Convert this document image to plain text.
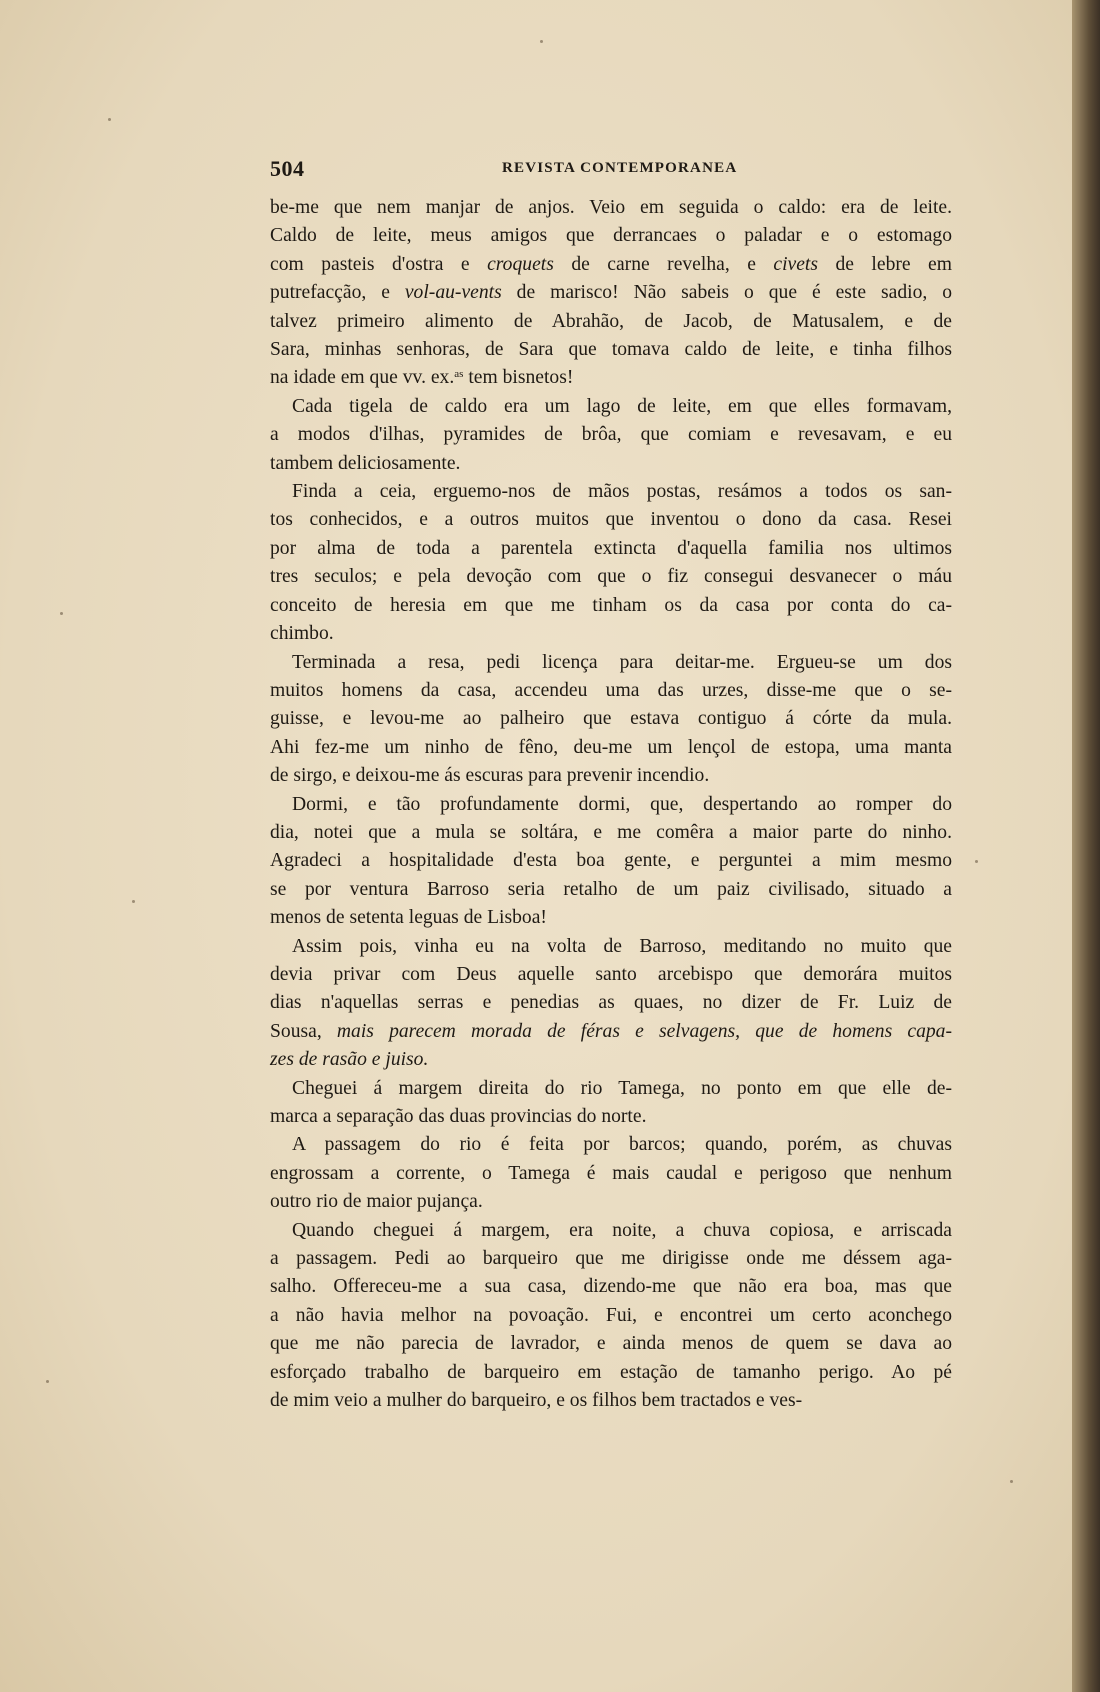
504	REVISTA CONTEMPORANEA

be-me que nem manjar de anjos. Veio em seguida o caldo: era de leite.
Caldo de leite, meus amigos que derrancaes o paladar e o estomago
com pasteis d'ostra e croquets de carne revelha, e civets de lebre em
putrefacção, e vol-au-vents de marisco! Não sabeis o que é este sadio, o
talvez primeiro alimento de Abrahão, de Jacob, de Matusalem, e de
Sara, minhas senhoras, de Sara que tomava caldo de leite, e tinha filhos
na idade em que vv. ex.$^{as}$ tem bisnetos!

Cada tigela de caldo era um lago de leite, em que elles formavam,
a modos d'ilhas, pyramides de brôa, que comiam e revesavam, e eu
tambem deliciosamente.

Finda a ceia, erguemo-nos de mãos postas, resámos a todos os san-
tos conhecidos, e a outros muitos que inventou o dono da casa. Resei
por alma de toda a parentela extincta d'aquella familia nos ultimos
tres seculos; e pela devoção com que o fiz consegui desvanecer o máu
conceito de heresia em que me tinham os da casa por conta do ca-
chimbo.

Terminada a resa, pedi licença para deitar-me. Ergueu-se um dos
muitos homens da casa, accendeu uma das urzes, disse-me que o se-
guisse, e levou-me ao palheiro que estava contiguo á córte da mula.
Ahi fez-me um ninho de fêno, deu-me um lençol de estopa, uma manta
de sirgo, e deixou-me ás escuras para prevenir incendio.

Dormi, e tão profundamente dormi, que, despertando ao romper do
dia, notei que a mula se soltára, e me comêra a maior parte do ninho.
Agradeci a hospitalidade d'esta boa gente, e perguntei a mim mesmo
se por ventura Barroso seria retalho de um paiz civilisado, situado a
menos de setenta leguas de Lisboa!

Assim pois, vinha eu na volta de Barroso, meditando no muito que
devia privar com Deus aquelle santo arcebispo que demorára muitos
dias n'aquellas serras e penedias as quaes, no dizer de Fr. Luiz de
Sousa, mais parecem morada de féras e selvagens, que de homens capa-
zes de rasão e juiso.

Cheguei á margem direita do rio Tamega, no ponto em que elle de-
marca a separação das duas provincias do norte.

A passagem do rio é feita por barcos; quando, porém, as chuvas
engrossam a corrente, o Tamega é mais caudal e perigoso que nenhum
outro rio de maior pujança.

Quando cheguei á margem, era noite, a chuva copiosa, e arriscada
a passagem. Pedi ao barqueiro que me dirigisse onde me déssem aga-
salho. Offereceu-me a sua casa, dizendo-me que não era boa, mas que
a não havia melhor na povoação. Fui, e encontrei um certo aconchego
que me não parecia de lavrador, e ainda menos de quem se dava ao
esforçado trabalho de barqueiro em estação de tamanho perigo. Ao pé
de mim veio a mulher do barqueiro, e os filhos bem tractados e ves-
